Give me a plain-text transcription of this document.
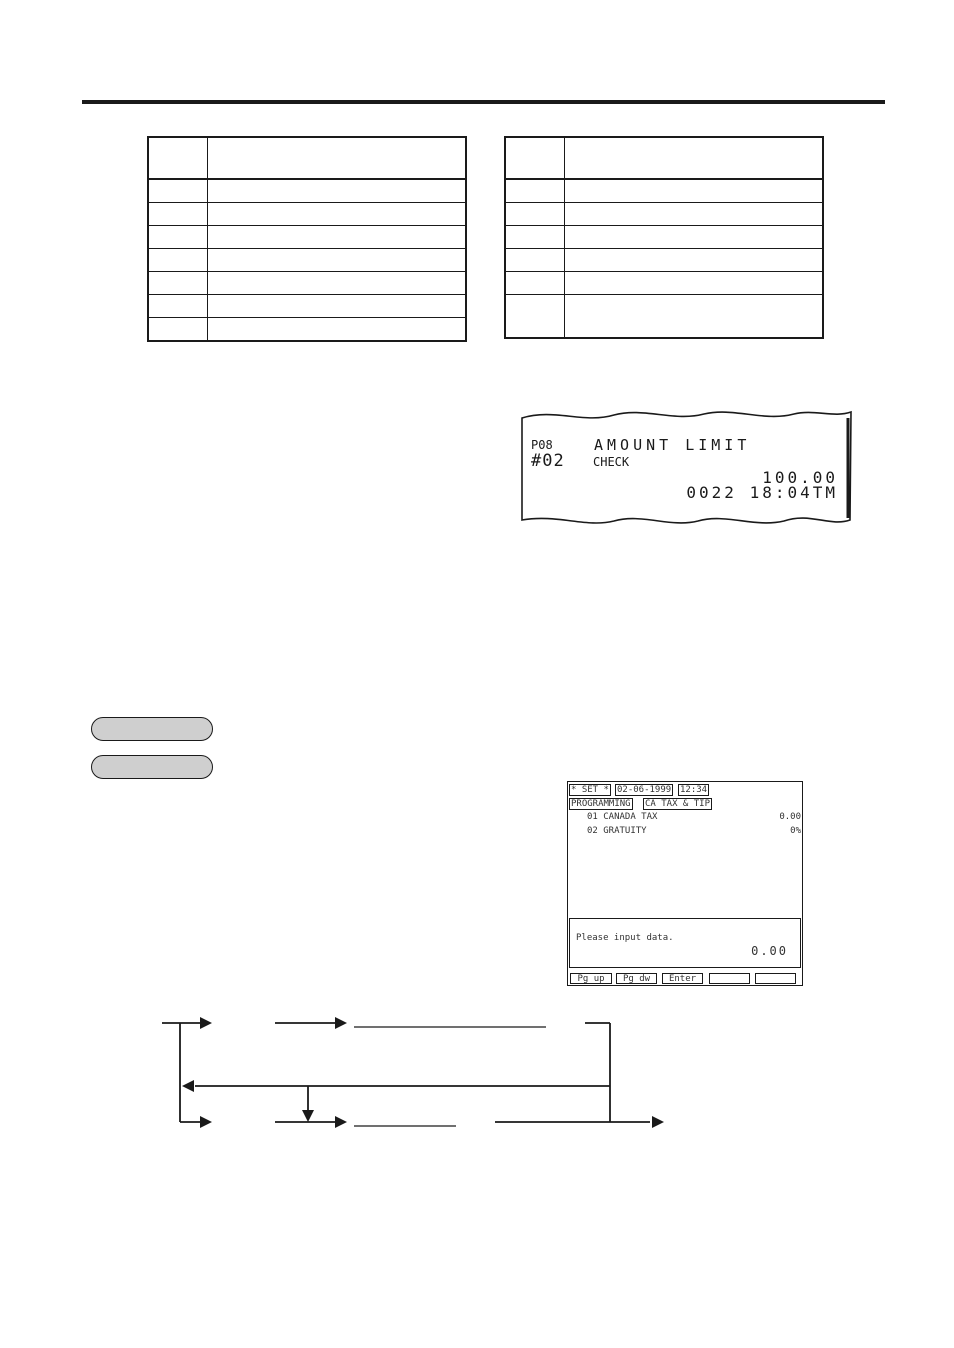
P08	AMOUNT LIMIT
#02 CHECK
100.00
0022 18:04TM
* SET * 02-06-1999 12:34
PROGRAMMING CA TAX & TIP
01 CANADA TAX	0.00
02 GRATUITY	0%
Please input data.
0.00
Pg up	Pg dw	Enter
